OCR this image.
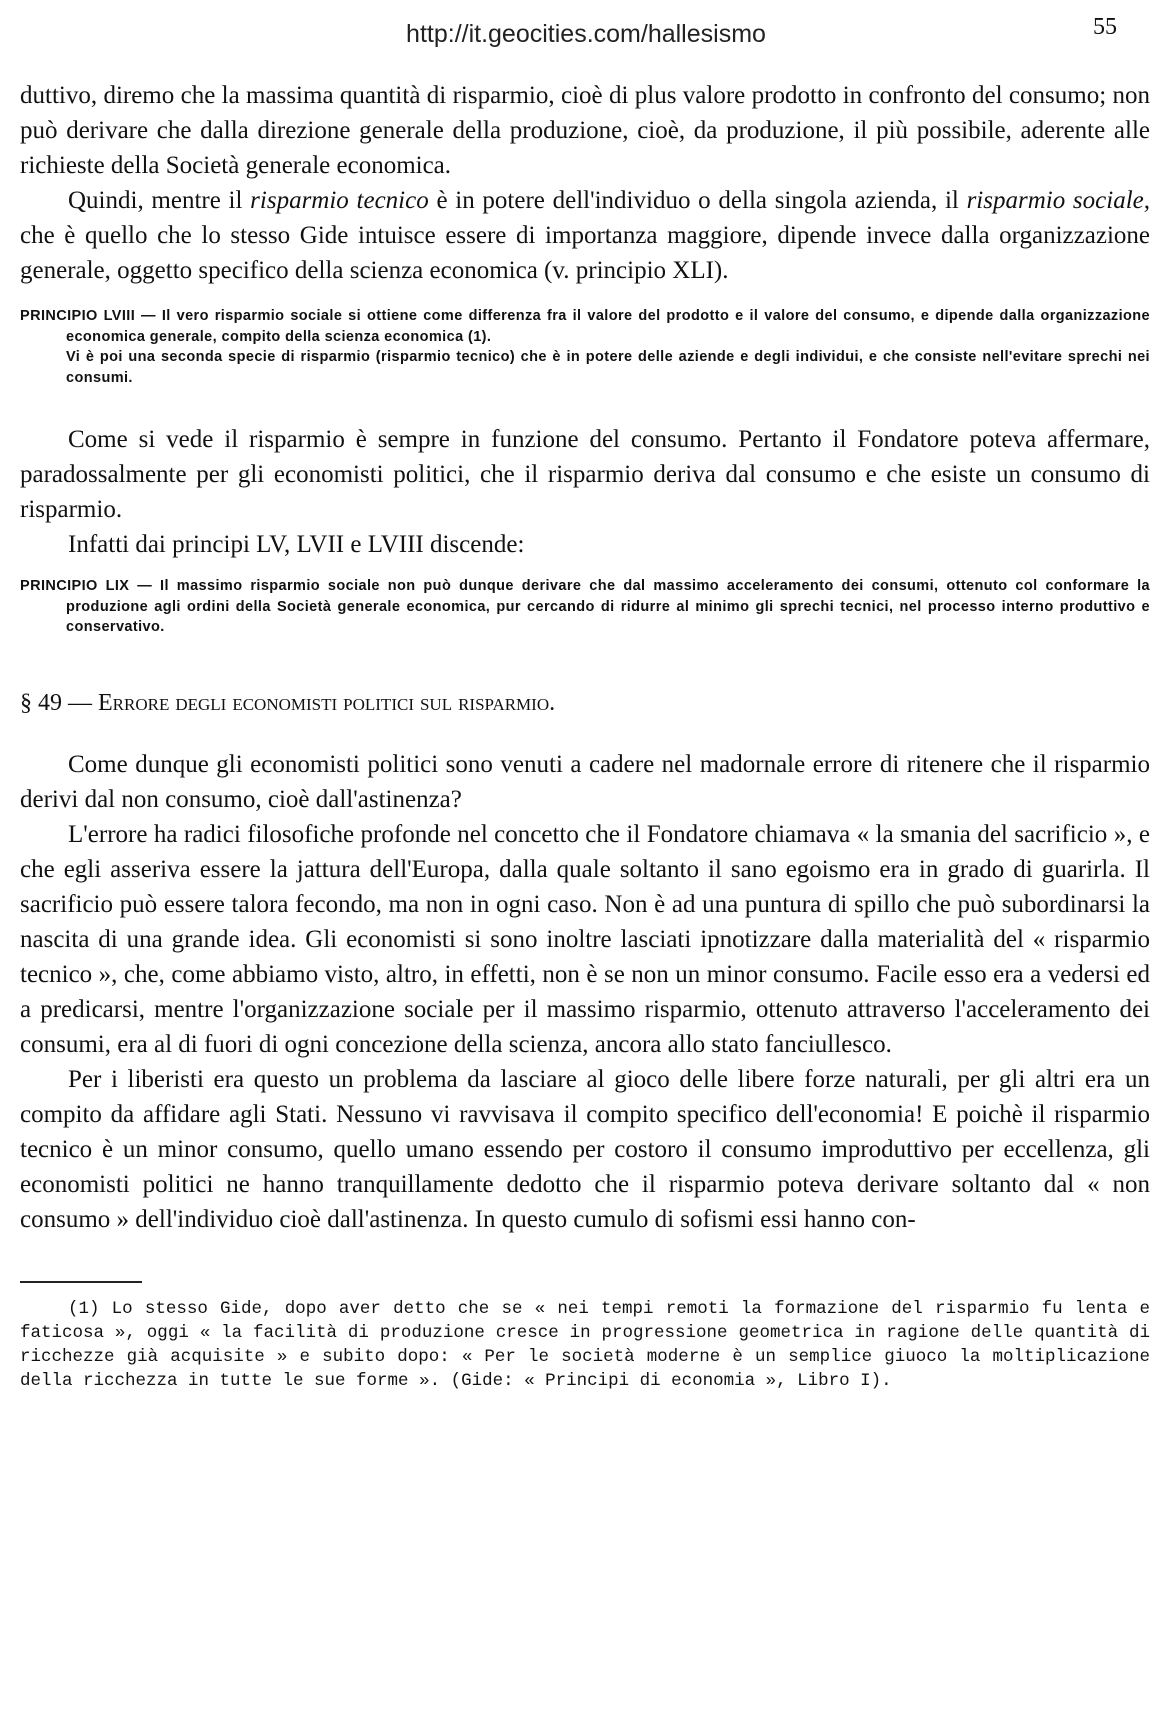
http://it.geocities.com/hallesismo	55

duttivo, diremo che la massima quantità di risparmio, cioè di plus valore prodotto in confronto del consumo; non può derivare che dalla direzione generale della produzione, cioè, da produzione, il più possibile, aderente alle richieste della Società generale economica.

Quindi, mentre il risparmio tecnico è in potere dell'individuo o della singola azienda, il risparmio sociale, che è quello che lo stesso Gide intuisce essere di importanza maggiore, dipende invece dalla organizzazione generale, oggetto specifico della scienza economica (v. principio XLI).

PRINCIPIO LVIII — Il vero risparmio sociale si ottiene come differenza fra il valore del prodotto e il valore del consumo, e dipende dalla organizzazione economica generale, compito della scienza economica (1).
Vi è poi una seconda specie di risparmio (risparmio tecnico) che è in potere delle aziende e degli individui, e che consiste nell'evitare sprechi nei consumi.

Come si vede il risparmio è sempre in funzione del consumo. Pertanto il Fondatore poteva affermare, paradossalmente per gli economisti politici, che il risparmio deriva dal consumo e che esiste un consumo di risparmio.

Infatti dai principi LV, LVII e LVIII discende:

PRINCIPIO LIX — Il massimo risparmio sociale non può dunque derivare che dal massimo acceleramento dei consumi, ottenuto col conformare la produzione agli ordini della Società generale economica, pur cercando di ridurre al minimo gli sprechi tecnici, nel processo interno produttivo e conservativo.
§ 49 — Errore degli economisti politici sul risparmio.

Come dunque gli economisti politici sono venuti a cadere nel madornale errore di ritenere che il risparmio derivi dal non consumo, cioè dall'astinenza?

L'errore ha radici filosofiche profonde nel concetto che il Fondatore chiamava « la smania del sacrificio », e che egli asseriva essere la jattura dell'Europa, dalla quale soltanto il sano egoismo era in grado di guarirla. Il sacrificio può essere talora fecondo, ma non in ogni caso. Non è ad una puntura di spillo che può subordinarsi la nascita di una grande idea. Gli economisti si sono inoltre lasciati ipnotizzare dalla materialità del « risparmio tecnico », che, come abbiamo visto, altro, in effetti, non è se non un minor consumo. Facile esso era a vedersi ed a predicarsi, mentre l'organizzazione sociale per il massimo risparmio, ottenuto attraverso l'acceleramento dei consumi, era al di fuori di ogni concezione della scienza, ancora allo stato fanciullesco.

Per i liberisti era questo un problema da lasciare al gioco delle libere forze naturali, per gli altri era un compito da affidare agli Stati. Nessuno vi ravvisava il compito specifico dell'economia! E poichè il risparmio tecnico è un minor consumo, quello umano essendo per costoro il consumo improduttivo per eccellenza, gli economisti politici ne hanno tranquillamente dedotto che il risparmio poteva derivare soltanto dal « non consumo » dell'individuo cioè dall'astinenza. In questo cumulo di sofismi essi hanno con-

(1) Lo stesso Gide, dopo aver detto che se « nei tempi remoti la formazione del risparmio fu lenta e faticosa », oggi « la facilità di produzione cresce in progressione geometrica in ragione delle quantità di ricchezze già acquisite » e subito dopo: « Per le società moderne è un semplice giuoco la moltiplicazione della ricchezza in tutte le sue forme ». (Gide: « Principi di economia », Libro I).
